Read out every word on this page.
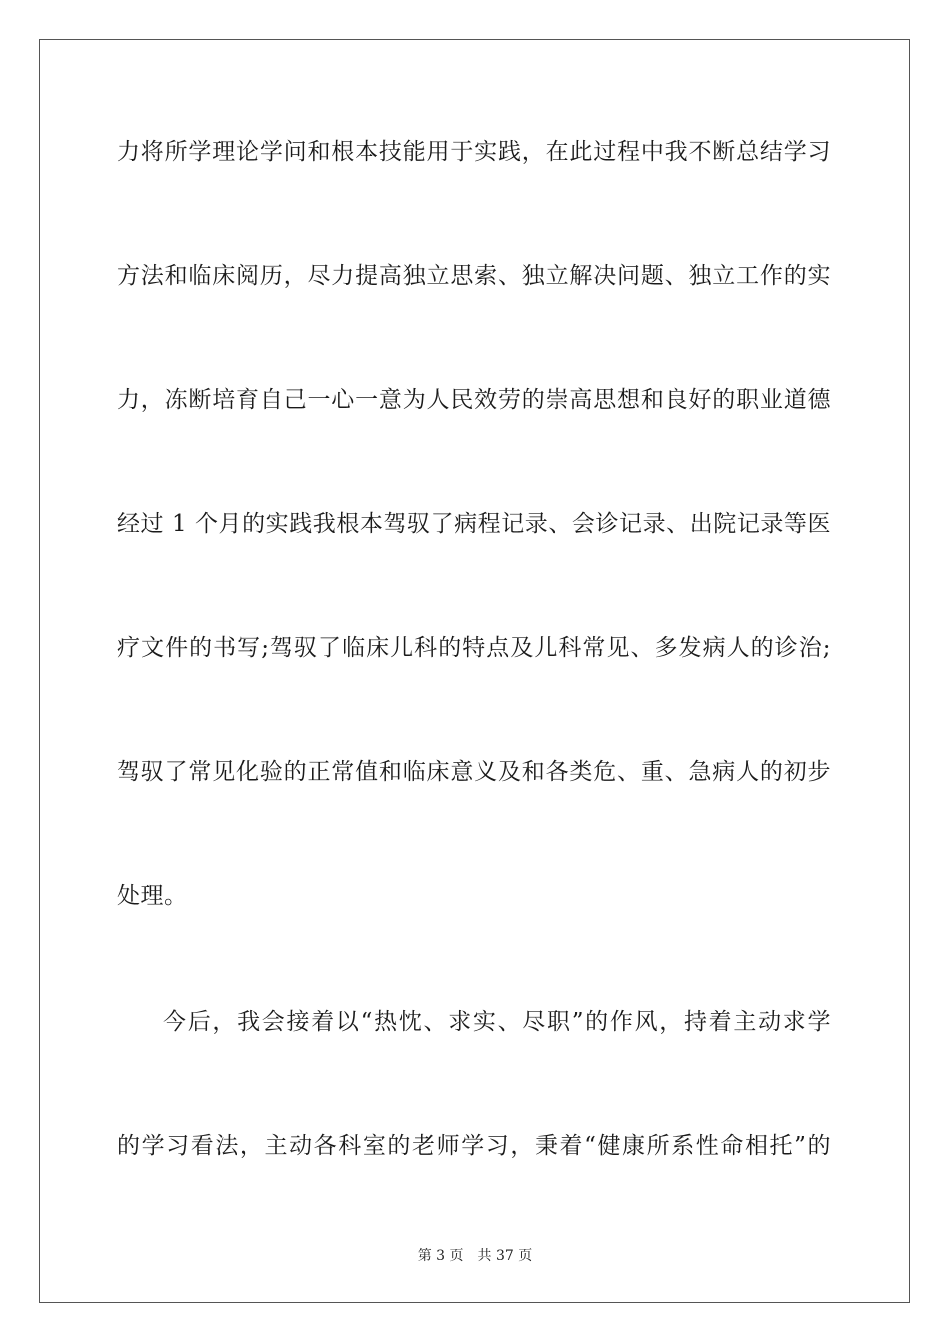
力将所学理论学问和根本技能用于实践，在此过程中我不断总结学习
方法和临床阅历，尽力提高独立思索、独立解决问题、独立工作的实
力，冻断培育自己一心一意为人民效劳的崇高思想和良好的职业道德
经过 1 个月的实践我根本驾驭了病程记录、会诊记录、出院记录等医
疗文件的书写;驾驭了临床儿科的特点及儿科常见、多发病人的诊治;
驾驭了常见化验的正常值和临床意义及和各类危、重、急病人的初步
处理。
今后，我会接着以“热忱、求实、尽职”的作风，持着主动求学
的学习看法，主动各科室的老师学习，秉着“健康所系性命相托”的
第 3 页 共 37 页
